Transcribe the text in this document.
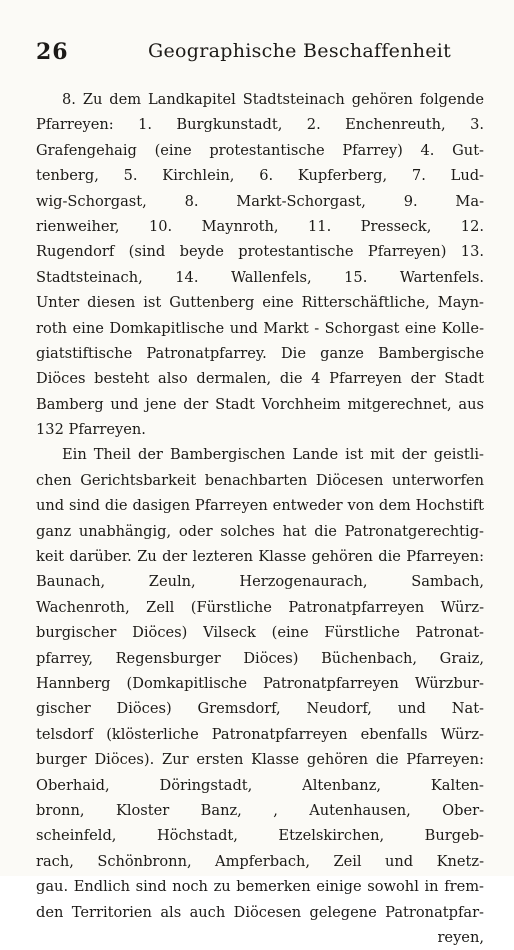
26	Geographische Beschaffenheit
8. Zu dem Landkapitel Stadtsteinach gehören folgende
Pfarreyen: 1. Burgkunstadt, 2. Enchenreuth, 3.
Grafengehaig (eine protestantische Pfarrey) 4. Gut-
tenberg, 5. Kirchlein, 6. Kupferberg, 7. Lud-
wig-Schorgast, 8. Markt-Schorgast, 9. Ma-
rienweiher, 10. Maynroth, 11. Presseck, 12.
Rugendorf (sind beyde protestantische Pfarreyen) 13.
Stadtsteinach, 14. Wallenfels, 15. Wartenfels.
Unter diesen ist Guttenberg eine Ritterschäftliche, Mayn-
roth eine Domkapitlische und Markt - Schorgast eine Kolle-
giatstiftische Patronatpfarrey. Die ganze Bambergische
Diöces besteht also dermalen, die 4 Pfarreyen der Stadt
Bamberg und jene der Stadt Vorchheim mitgerechnet, aus
132 Pfarreyen.
Ein Theil der Bambergischen Lande ist mit der geistli-
chen Gerichtsbarkeit benachbarten Diöcesen unterworfen
und sind die dasigen Pfarreyen entweder von dem Hochstift
ganz unabhängig, oder solches hat die Patronatgerechtig-
keit darüber. Zu der lezteren Klasse gehören die Pfarreyen:
Baunach, Zeuln, Herzogenaurach, Sambach,
Wachenroth, Zell (Fürstliche Patronatpfarreyen Würz-
burgischer Diöces) Vilseck (eine Fürstliche Patronat-
pfarrey, Regensburger Diöces) Büchenbach, Graiz,
Hannberg (Domkapitlische Patronatpfarreyen Würzbur-
gischer Diöces) Gremsdorf, Neudorf, und Nat-
telsdorf (klösterliche Patronatpfarreyen ebenfalls Würz-
burger Diöces). Zur ersten Klasse gehören die Pfarreyen:
Oberhaid, Döringstadt, Altenbanz, Kalten-
bronn, Kloster Banz, , Autenhausen, Ober-
scheinfeld, Höchstadt, Etzelskirchen, Burgeb-
rach, Schönbronn, Ampferbach, Zeil und Knetz-
gau. Endlich sind noch zu bemerken einige sowohl in frem-
den Territorien als auch Diöcesen gelegene Patronatpfar-
reyen,
